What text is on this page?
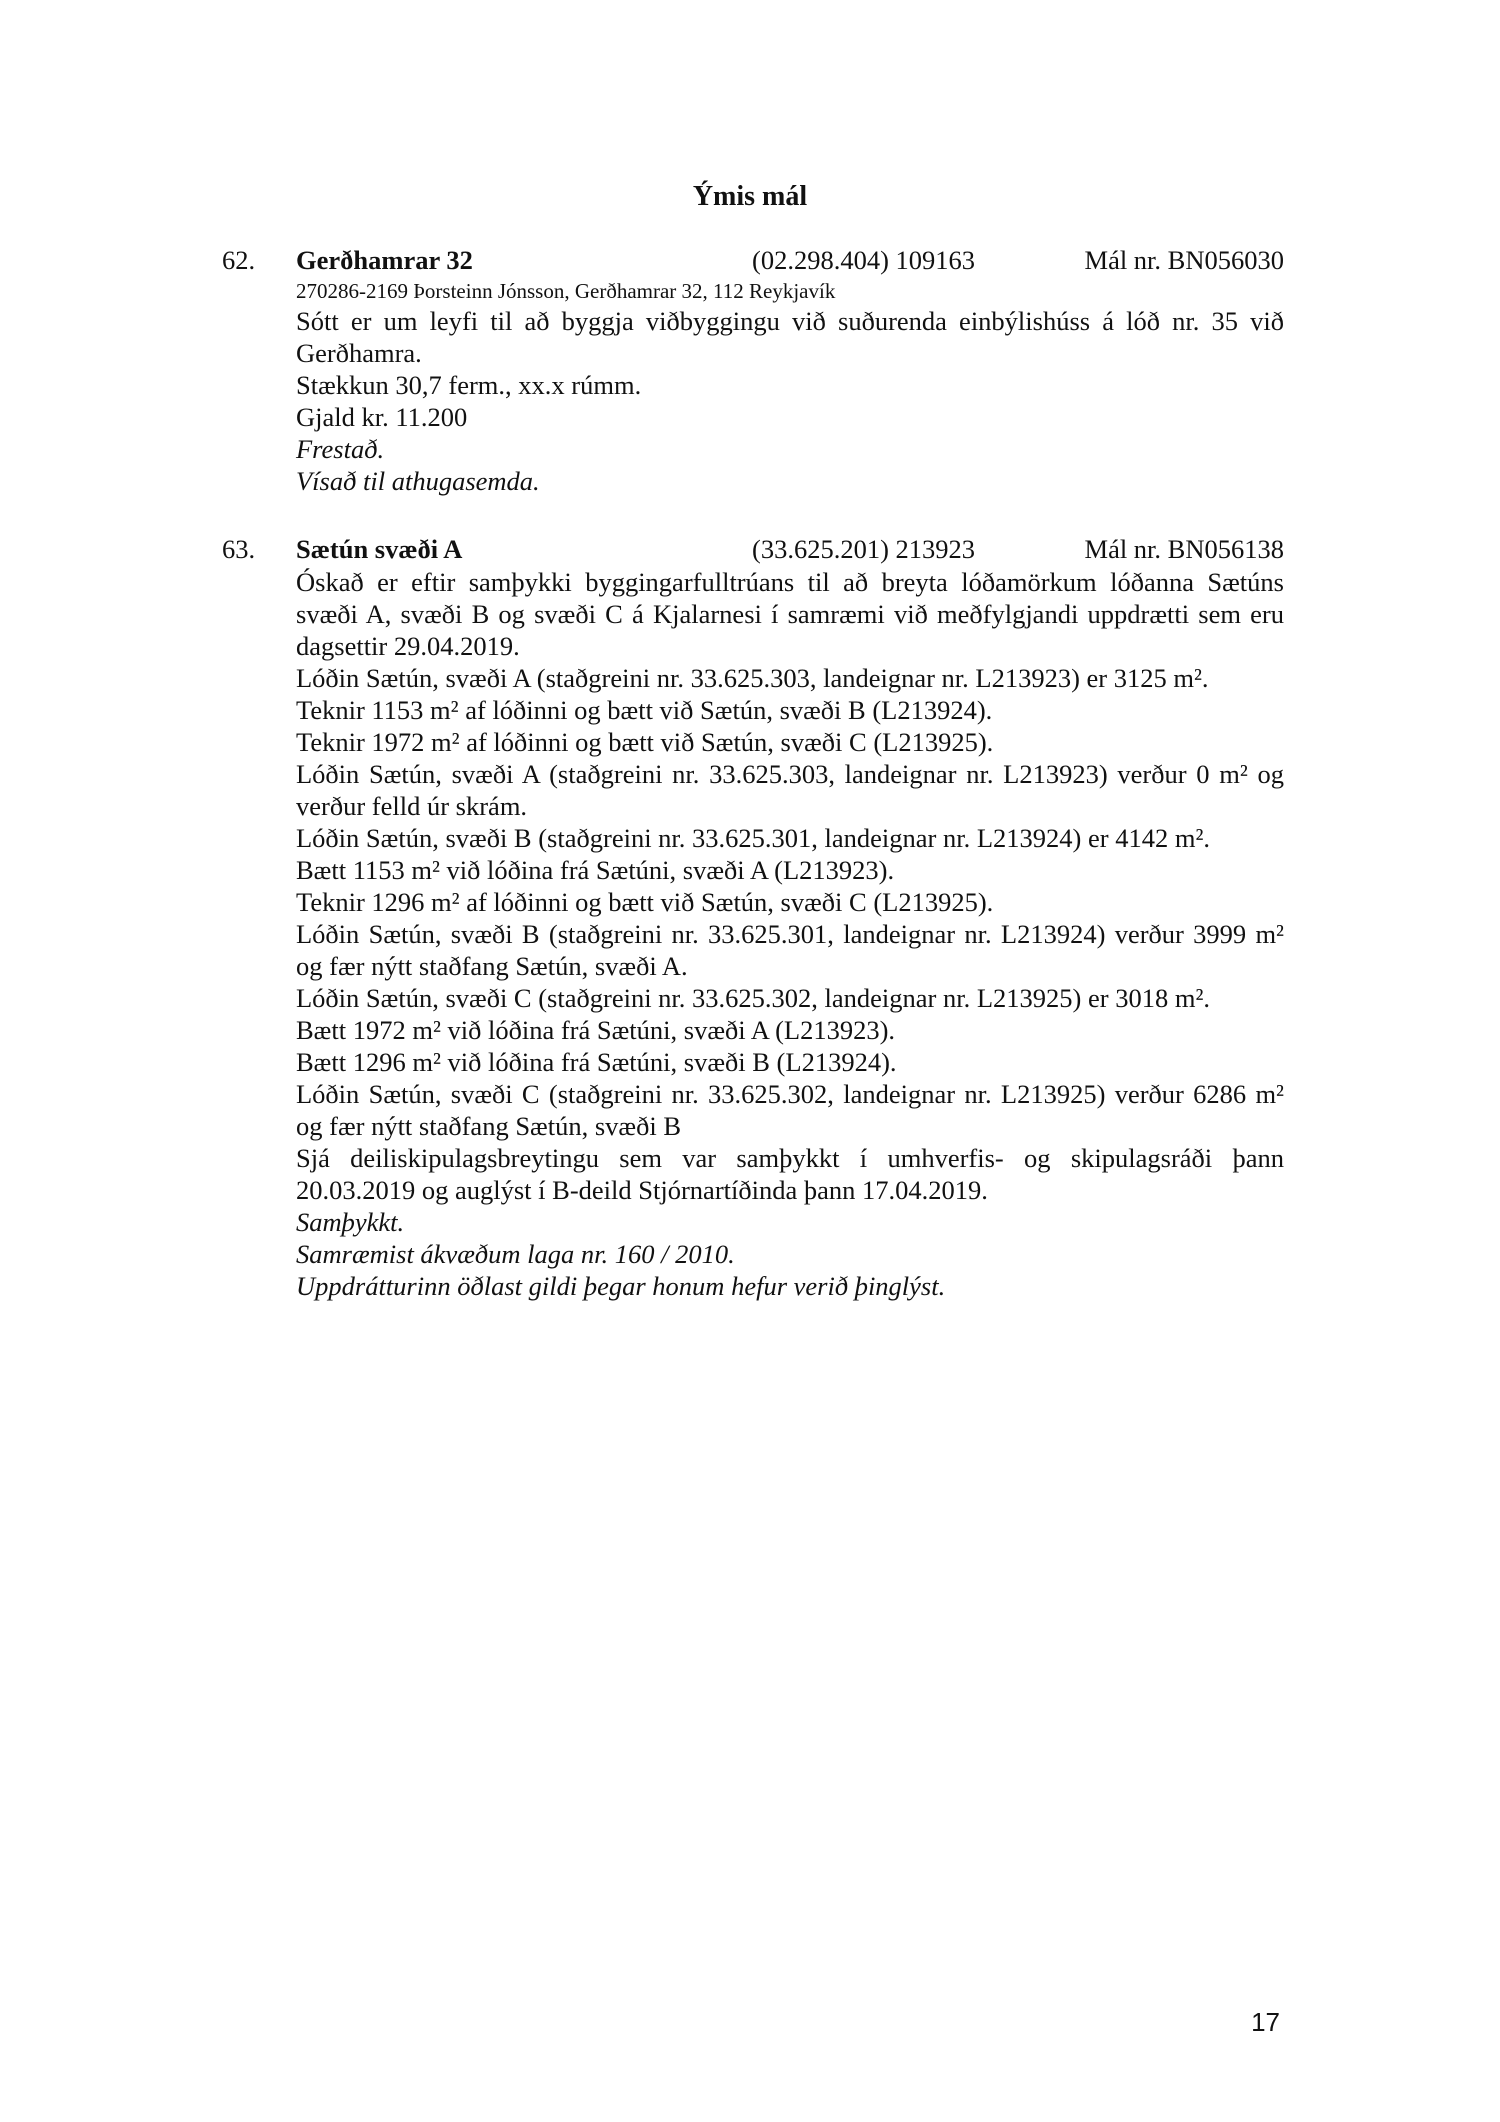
Ýmis mál
62. Gerðhamrar 32	(02.298.404) 109163	Mál nr. BN056030

270286-2169 Þorsteinn Jónsson, Gerðhamrar 32, 112 Reykjavík

Sótt er um leyfi til að byggja viðbyggingu við suðurenda einbýlishúss á lóð nr. 35 við Gerðhamra.

Stækkun 30,7 ferm., xx.x rúmm.

Gjald kr. 11.200

Frestað.

Vísað til athugasemda.

63. Sætún svæði A	(33.625.201) 213923	Mál nr. BN056138

Óskað er eftir samþykki byggingarfulltrúans til að breyta lóðamörkum lóðanna Sætúns svæði A, svæði B og svæði C á Kjalarnesi í samræmi við meðfylgjandi uppdrætti sem eru dagsettir 29.04.2019.

Lóðin Sætún, svæði A (staðgreini nr. 33.625.303, landeignar nr. L213923) er 3125 m².

Teknir 1153 m² af lóðinni og bætt við Sætún, svæði B (L213924).

Teknir 1972 m² af lóðinni og bætt við Sætún, svæði C (L213925).

Lóðin Sætún, svæði A (staðgreini nr. 33.625.303, landeignar nr. L213923) verður 0 m² og verður felld úr skrám.

Lóðin Sætún, svæði B (staðgreini nr. 33.625.301, landeignar nr. L213924) er 4142 m².

Bætt 1153 m² við lóðina frá Sætúni, svæði A (L213923).

Teknir 1296 m² af lóðinni og bætt við Sætún, svæði C (L213925).

Lóðin Sætún, svæði B (staðgreini nr. 33.625.301, landeignar nr. L213924) verður 3999 m² og fær nýtt staðfang Sætún, svæði A.

Lóðin Sætún, svæði C (staðgreini nr. 33.625.302, landeignar nr. L213925) er 3018 m².

Bætt 1972 m² við lóðina frá Sætúni, svæði A (L213923).

Bætt 1296 m² við lóðina frá Sætúni, svæði B (L213924).

Lóðin Sætún, svæði C (staðgreini nr. 33.625.302, landeignar nr. L213925) verður 6286 m² og fær nýtt staðfang Sætún, svæði B

Sjá deiliskipulagsbreytingu sem var samþykkt í umhverfis- og skipulagsráði þann 20.03.2019 og auglýst í B-deild Stjórnartíðinda þann 17.04.2019.

Samþykkt.

Samræmist ákvæðum laga nr. 160 / 2010.

Uppdrátturinn öðlast gildi þegar honum hefur verið þinglýst.

17
